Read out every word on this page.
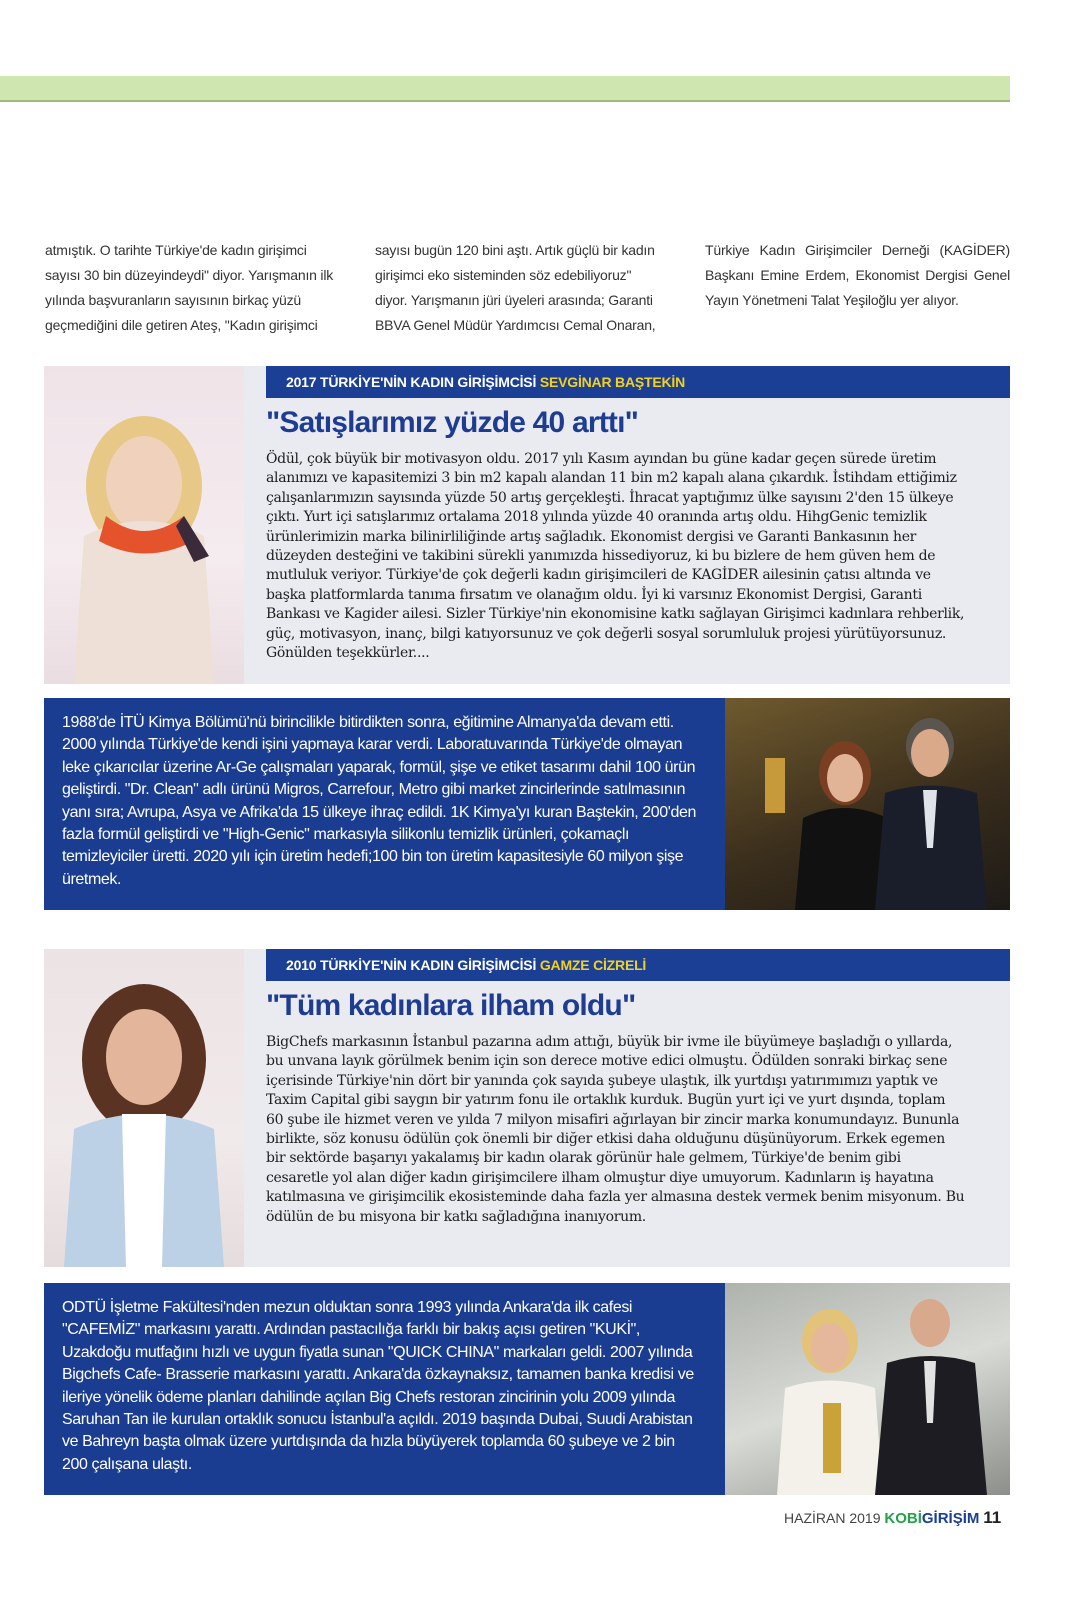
atmıştık. O tarihte Türkiye'de kadın girişimci sayısı 30 bin düzeyindeydi" diyor. Yarışmanın ilk yılında başvuranların sayısının birkaç yüzü geçmediğini dile getiren Ateş, "Kadın girişimci
sayısı bugün 120 bini aştı. Artık güçlü bir kadın girişimci eko sisteminden söz edebiliyoruz" diyor. Yarışmanın jüri üyeleri arasında; Garanti BBVA Genel Müdür Yardımcısı Cemal Onaran,
Türkiye Kadın Girişimciler Derneği (KAGİDER) Başkanı Emine Erdem, Ekonomist Dergisi Genel Yayın Yönetmeni Talat Yeşiloğlu yer alıyor.
2017 TÜRKİYE'NİN KADIN GİRİŞİMCİSİ SEVGİNAR BAŞTEKİN
"Satışlarımız yüzde 40 arttı"
Ödül, çok büyük bir motivasyon oldu. 2017 yılı Kasım ayından bu güne kadar geçen sürede üretim alanımızı ve kapasitemizi 3 bin m2 kapalı alandan 11 bin m2 kapalı alana çıkardık. İstihdam ettiğimiz çalışanlarımızın sayısında yüzde 50 artış gerçekleşti. İhracat yaptığımız ülke sayısını 2'den 15 ülkeye çıktı. Yurt içi satışlarımız ortalama 2018 yılında yüzde 40 oranında artış oldu. HihgGenic temizlik ürünlerimizin marka bilinirliliğinde artış sağladık. Ekonomist dergisi ve Garanti Bankasının her düzeyden desteğini ve takibini sürekli yanımızda hissediyoruz, ki bu bizlere de hem güven hem de mutluluk veriyor. Türkiye'de çok değerli kadın girişimcileri de KAGİDER ailesinin çatısı altında ve başka platformlarda tanıma fırsatım ve olanağım oldu. İyi ki varsınız Ekonomist Dergisi, Garanti Bankası ve Kagider ailesi. Sizler Türkiye'nin ekonomisine katkı sağlayan Girişimci kadınlara rehberlik, güç, motivasyon, inanç, bilgi katıyorsunuz ve çok değerli sosyal sorumluluk projesi yürütüyorsunuz. Gönülden teşekkürler....
1988'de İTÜ Kimya Bölümü'nü birincilikle bitirdikten sonra, eğitimine Almanya'da devam etti. 2000 yılında Türkiye'de kendi işini yapmaya karar verdi. Laboratuvarında Türkiye'de olmayan leke çıkarıcılar üzerine Ar-Ge çalışmaları yaparak, formül, şişe ve etiket tasarımı dahil 100 ürün geliştirdi. "Dr. Clean" adlı ürünü Migros, Carrefour, Metro gibi market zincirlerinde satılmasının yanı sıra; Avrupa, Asya ve Afrika'da 15 ülkeye ihraç edildi. 1K Kimya'yı kuran Baştekin, 200'den fazla formül geliştirdi ve "High-Genic" markasıyla silikonlu temizlik ürünleri, çokamaçlı temizleyiciler üretti. 2020 yılı için üretim hedefi;100 bin ton üretim kapasitesiyle 60 milyon şişe üretmek.
2010 TÜRKİYE'NİN KADIN GİRİŞİMCİSİ GAMZE CİZRELİ
"Tüm kadınlara ilham oldu"
BigChefs markasının İstanbul pazarına adım attığı, büyük bir ivme ile büyümeye başladığı o yıllarda, bu unvana layık görülmek benim için son derece motive edici olmuştu. Ödülden sonraki birkaç sene içerisinde Türkiye'nin dört bir yanında çok sayıda şubeye ulaştık, ilk yurtdışı yatırımımızı yaptık ve Taxim Capital gibi saygın bir yatırım fonu ile ortaklık kurduk. Bugün yurt içi ve yurt dışında, toplam 60 şube ile hizmet veren ve yılda 7 milyon misafiri ağırlayan bir zincir marka konumundayız. Bununla birlikte, söz konusu ödülün çok önemli bir diğer etkisi daha olduğunu düşünüyorum. Erkek egemen bir sektörde başarıyı yakalamış bir kadın olarak görünür hale gelmem, Türkiye'de benim gibi cesaretle yol alan diğer kadın girişimcilere ilham olmuştur diye umuyorum. Kadınların iş hayatına katılmasına ve girişimcilik ekosisteminde daha fazla yer almasına destek vermek benim misyonum. Bu ödülün de bu misyona bir katkı sağladığına inanıyorum.
ODTÜ İşletme Fakültesi'nden mezun olduktan sonra 1993 yılında Ankara'da ilk cafesi "CAFEMİZ" markasını yarattı. Ardından pastacılığa farklı bir bakış açısı getiren "KUKİ", Uzakdoğu mutfağını hızlı ve uygun fiyatla sunan "QUICK CHINA" markaları geldi. 2007 yılında Bigchefs Cafe- Brasserie markasını yarattı. Ankara'da özkaynaksız, tamamen banka kredisi ve ileriye yönelik ödeme planları dahilinde açılan Big Chefs restoran zincirinin yolu 2009 yılında Saruhan Tan ile kurulan ortaklık sonucu İstanbul'a açıldı. 2019 başında Dubai, Suudi Arabistan ve Bahreyn başta olmak üzere yurtdışında da hızla büyüyerek toplamda 60 şubeye ve 2 bin 200 çalışana ulaştı.
HAZİRAN 2019 KOBİGİRİŞİM 11
